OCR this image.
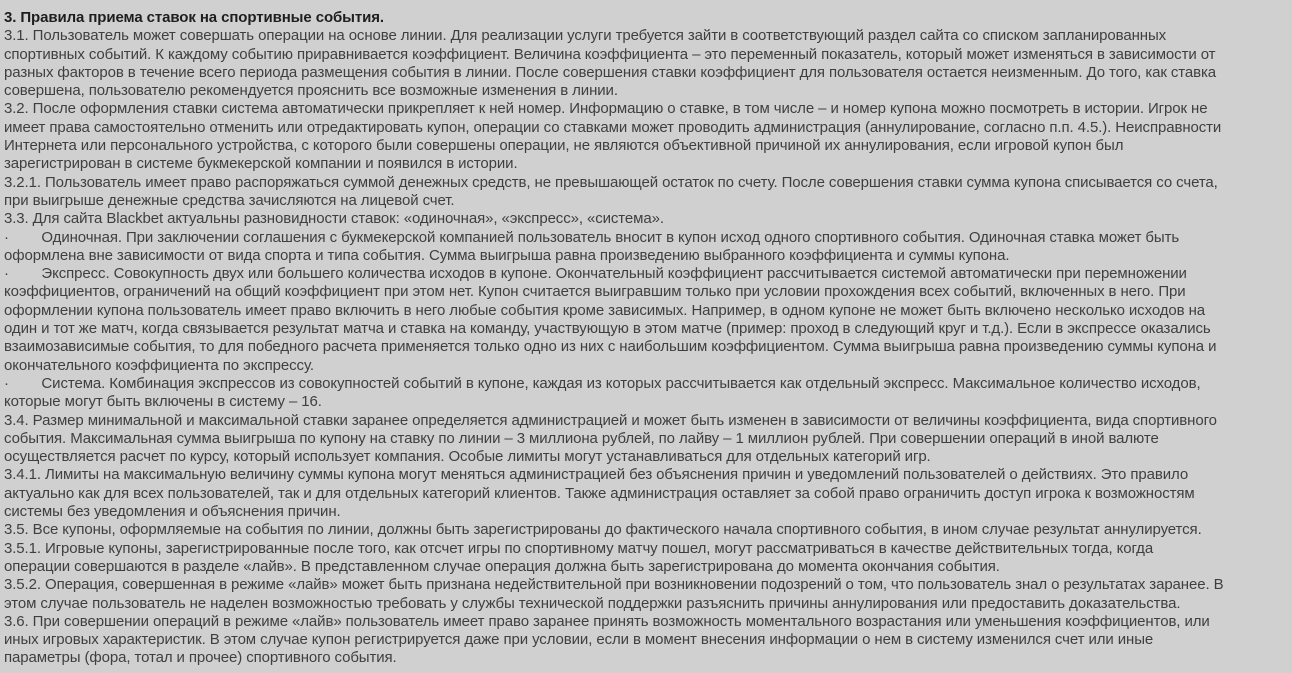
3. Правила приема ставок на спортивные события.
3.1. Пользователь может совершать операции на основе линии. Для реализации услуги требуется зайти в соответствующий раздел сайта со списком запланированных
спортивных событий. К каждому событию приравнивается коэффициент. Величина коэффициента – это переменный показатель, который может изменяться в зависимости от
разных факторов в течение всего периода размещения события в линии. После совершения ставки коэффициент для пользователя остается неизменным. До того, как ставка
совершена, пользователю рекомендуется прояснить все возможные изменения в линии.
3.2. После оформления ставки система автоматически прикрепляет к ней номер. Информацию о ставке, в том числе – и номер купона можно посмотреть в истории. Игрок не
имеет права самостоятельно отменить или отредактировать купон, операции со ставками может проводить администрация (аннулирование, согласно п.п. 4.5.). Неисправности
Интернета или персонального устройства, с которого были совершены операции, не являются объективной причиной их аннулирования, если игровой купон был
зарегистрирован в системе букмекерской компании и появился в истории.
3.2.1. Пользователь имеет право распоряжаться суммой денежных средств, не превышающей остаток по счету. После совершения ставки сумма купона списывается со счета,
при выигрыше денежные средства зачисляются на лицевой счет.
3.3. Для сайта Blackbet актуальны разновидности ставок: «одиночная», «экспресс», «система».
·        Одиночная. При заключении соглашения с букмекерской компанией пользователь вносит в купон исход одного спортивного события. Одиночная ставка может быть
оформлена вне зависимости от вида спорта и типа события. Сумма выигрыша равна произведению выбранного коэффициента и суммы купона.
·        Экспресс. Совокупность двух или большего количества исходов в купоне. Окончательный коэффициент рассчитывается системой автоматически при перемножении
коэффициентов, ограничений на общий коэффициент при этом нет. Купон считается выигравшим только при условии прохождения всех событий, включенных в него. При
оформлении купона пользователь имеет право включить в него любые события кроме зависимых. Например, в одном купоне не может быть включено несколько исходов на
один и тот же матч, когда связывается результат матча и ставка на команду, участвующую в этом матче (пример: проход в следующий круг и т.д.). Если в экспрессе оказались
взаимозависимые события, то для победного расчета применяется только одно из них с наибольшим коэффициентом. Сумма выигрыша равна произведению суммы купона и
окончательного коэффициента по экспрессу.
·        Система. Комбинация экспрессов из совокупностей событий в купоне, каждая из которых рассчитывается как отдельный экспресс. Максимальное количество исходов,
которые могут быть включены в систему – 16.
3.4. Размер минимальной и максимальной ставки заранее определяется администрацией и может быть изменен в зависимости от величины коэффициента, вида спортивного
события. Максимальная сумма выигрыша по купону на ставку по линии – 3 миллиона рублей, по лайву – 1 миллион рублей. При совершении операций в иной валюте
осуществляется расчет по курсу, который использует компания. Особые лимиты могут устанавливаться для отдельных категорий игр.
3.4.1. Лимиты на максимальную величину суммы купона могут меняться администрацией без объяснения причин и уведомлений пользователей о действиях. Это правило
актуально как для всех пользователей, так и для отдельных категорий клиентов. Также администрация оставляет за собой право ограничить доступ игрока к возможностям
системы без уведомления и объяснения причин.
3.5. Все купоны, оформляемые на события по линии, должны быть зарегистрированы до фактического начала спортивного события, в ином случае результат аннулируется.
3.5.1. Игровые купоны, зарегистрированные после того, как отсчет игры по спортивному матчу пошел, могут рассматриваться в качестве действительных тогда, когда
операции совершаются в разделе «лайв». В представленном случае операция должна быть зарегистрирована до момента окончания события.
3.5.2. Операция, совершенная в режиме «лайв» может быть признана недействительной при возникновении подозрений о том, что пользователь знал о результатах заранее. В
этом случае пользователь не наделен возможностью требовать у службы технической поддержки разъяснить причины аннулирования или предоставить доказательства.
3.6. При совершении операций в режиме «лайв» пользователь имеет право заранее принять возможность моментального возрастания или уменьшения коэффициентов, или
иных игровых характеристик. В этом случае купон регистрируется даже при условии, если в момент внесения информации о нем в систему изменился счет или иные
параметры (фора, тотал и прочее) спортивного события.
